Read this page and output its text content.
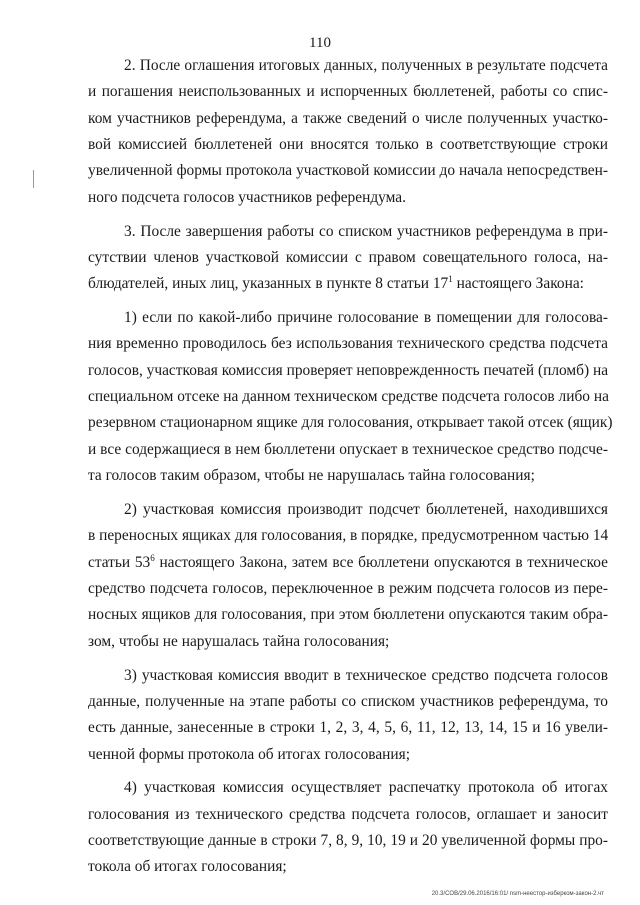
110
2. После оглашения итоговых данных, полученных в результате подсчета
и погашения неиспользованных и испорченных бюллетеней, работы со спис-
ком участников референдума, а также сведений о числе полученных участко-
вой комиссией бюллетеней они вносятся только в соответствующие строки
увеличенной формы протокола участковой комиссии до начала непосредствен-
ного подсчета голосов участников референдума.
3. После завершения работы со списком участников референдума в при-
сутствии членов участковой комиссии с правом совещательного голоса, на-
блюдателей, иных лиц, указанных в пункте 8 статьи $17^1$ настоящего Закона:
1) если по какой-либо причине голосование в помещении для голосова-
ния временно проводилось без использования технического средства подсчета
голосов, участковая комиссия проверяет неповрежденность печатей (пломб) на
специальном отсеке на данном техническом средстве подсчета голосов либо на
резервном стационарном ящике для голосования, открывает такой отсек (ящик)
и все содержащиеся в нем бюллетени опускает в техническое средство подсче-
та голосов таким образом, чтобы не нарушалась тайна голосования;
2) участковая комиссия производит подсчет бюллетеней, находившихся
в переносных ящиках для голосования, в порядке, предусмотренном частью 14
статьи $53^6$ настоящего Закона, затем все бюллетени опускаются в техническое
средство подсчета голосов, переключенное в режим подсчета голосов из пере-
носных ящиков для голосования, при этом бюллетени опускаются таким обра-
зом, чтобы не нарушалась тайна голосования;
3) участковая комиссия вводит в техническое средство подсчета голосов
данные, полученные на этапе работы со списком участников референдума, то
есть данные, занесенные в строки 1, 2, 3, 4, 5, 6, 11, 12, 13, 14, 15 и 16 увели-
ченной формы протокола об итогах голосования;
4) участковая комиссия осуществляет распечатку протокола об итогах
голосования из технического средства подсчета голосов, оглашает и заносит
соответствующие данные в строки 7, 8, 9, 10, 19 и 20 увеличенной формы про-
токола об итогах голосования;
20.3/COB/29.06.2016/16:01/ nsm-неестор-изберком-закон-2.чт
